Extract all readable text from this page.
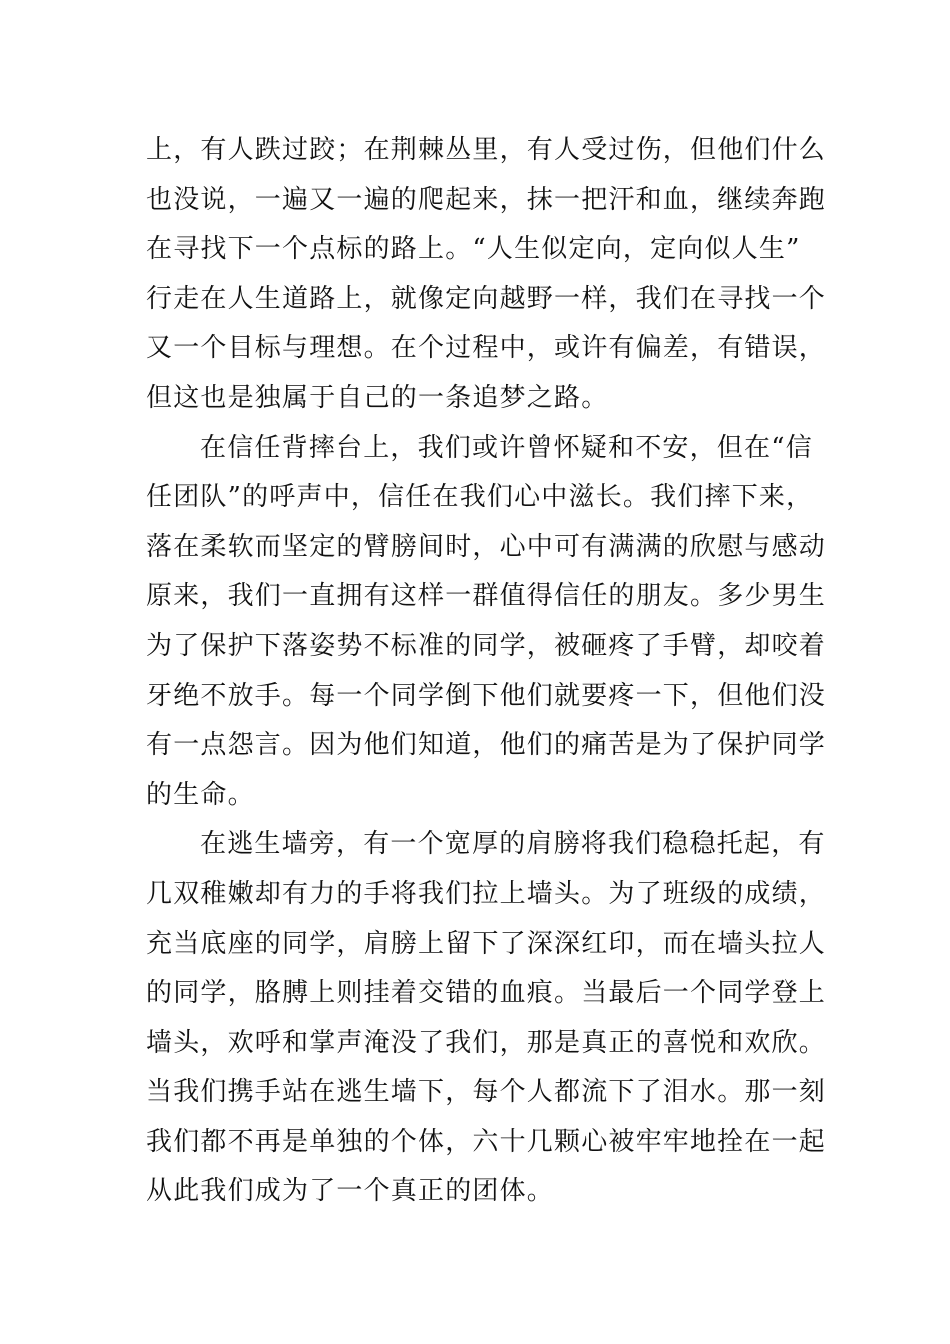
上，有人跌过跤；在荆棘丛里，有人受过伤，但他们什么
也没说，一遍又一遍的爬起来，抹一把汗和血，继续奔跑
在寻找下一个点标的路上。“人生似定向，定向似人生”
行走在人生道路上，就像定向越野一样，我们在寻找一个
又一个目标与理想。在个过程中，或许有偏差，有错误，
但这也是独属于自己的一条追梦之路。
在信任背摔台上，我们或许曾怀疑和不安，但在“信
任团队”的呼声中，信任在我们心中滋长。我们摔下来，
落在柔软而坚定的臂膀间时，心中可有满满的欣慰与感动
原来，我们一直拥有这样一群值得信任的朋友。多少男生
为了保护下落姿势不标准的同学，被砸疼了手臂，却咬着
牙绝不放手。每一个同学倒下他们就要疼一下，但他们没
有一点怨言。因为他们知道，他们的痛苦是为了保护同学
的生命。
在逃生墙旁，有一个宽厚的肩膀将我们稳稳托起，有
几双稚嫩却有力的手将我们拉上墙头。为了班级的成绩，
充当底座的同学，肩膀上留下了深深红印，而在墙头拉人
的同学，胳膊上则挂着交错的血痕。当最后一个同学登上
墙头，欢呼和掌声淹没了我们，那是真正的喜悦和欢欣。
当我们携手站在逃生墙下，每个人都流下了泪水。那一刻
我们都不再是单独的个体，六十几颗心被牢牢地拴在一起
从此我们成为了一个真正的团体。
